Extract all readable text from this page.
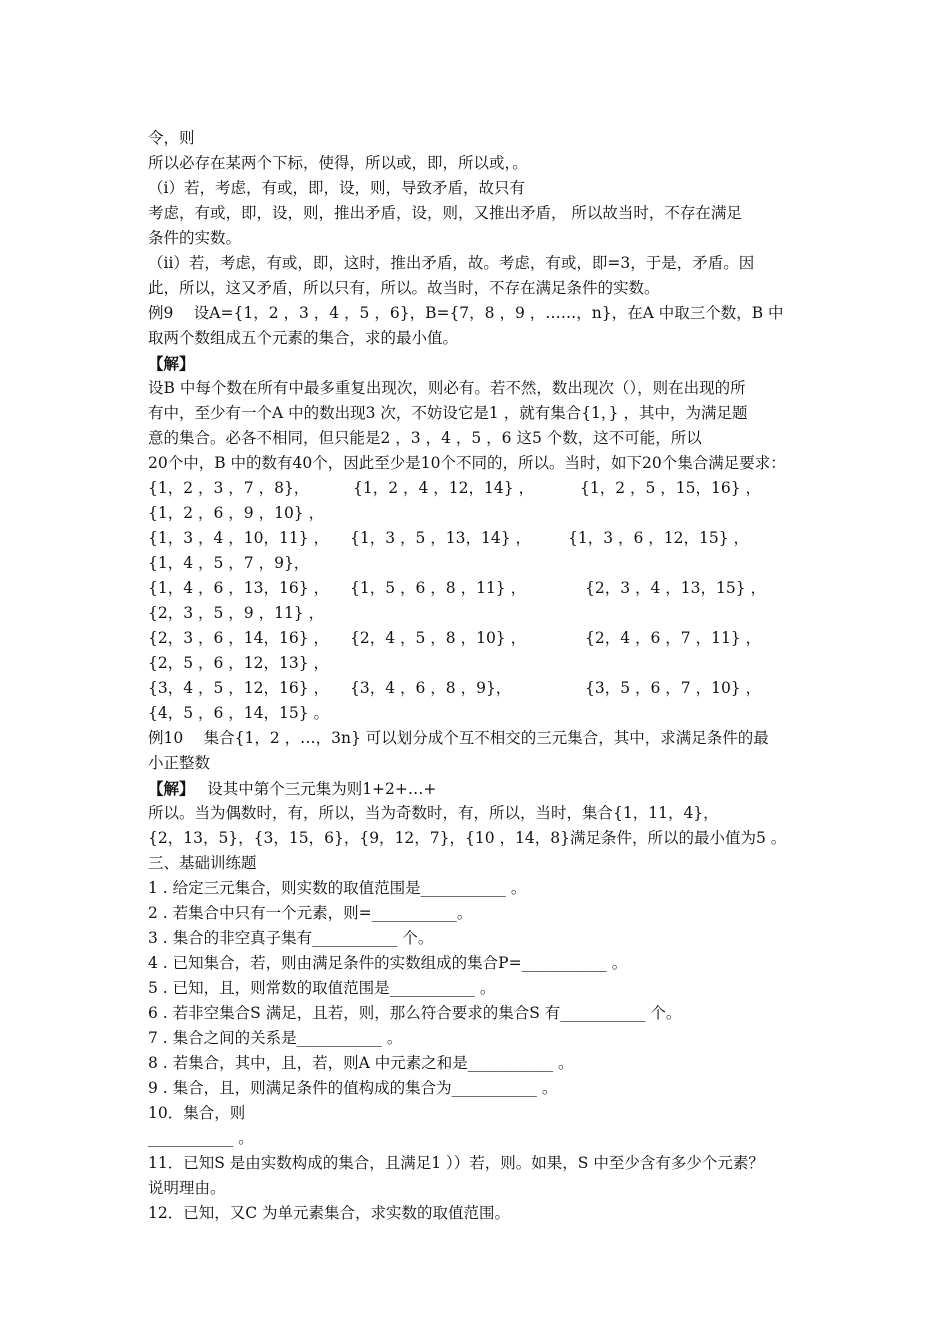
令，则
所以必存在某两个下标，使得，所以或，即，所以或，。
（ⅰ）若，考虑，有或，即，设，则，导致矛盾，故只有
考虑，有或，即，设，则，推出矛盾，设，则，又推出矛盾， 所以故当时，不存在满足
条件的实数。
（ⅱ）若，考虑，有或，即，这时，推出矛盾，故。考虑，有或，即=3，于是，矛盾。因
此，所以，这又矛盾，所以只有，所以。故当时，不存在满足条件的实数。
例9　 设A={1，2 ，3 ，4 ，5 ，6}，B={7，8 ，9 ，……，n}，在A 中取三个数，B 中
取两个数组成五个元素的集合，求的最小值。
【解】
设B 中每个数在所有中最多重复出现次，则必有。若不然，数出现次（），则在出现的所
有中，至少有一个A 中的数出现3 次，不妨设它是1 ，就有集合{1，} ，其中，为满足题
意的集合。必各不相同，但只能是2 ，3 ，4 ，5 ，6 这5 个数，这不可能，所以
20个中，B 中的数有40个，因此至少是10个不同的，所以。当时，如下20个集合满足要求：
{1，2 ，3 ，7 ，8}，	{1，2 ，4 ，12，14} ，	{1，2 ，5 ，15，16} ，
{1，2 ，6 ，9 ，10} ，
{1，3 ，4 ，10，11} ， {1，3 ，5 ，13，14} ， {1，3 ，6 ，12，15} ，
{1，4 ，5 ，7 ，9}，
{1，4 ，6 ，13，16} ， {1，5 ，6 ，8 ，11} ，	{2，3 ，4 ，13，15} ，
{2，3 ，5 ，9 ，11} ，
{2，3 ，6 ，14，16} ， {2，4 ，5 ，8 ，10} ，	{2，4 ，6 ，7 ，11} ，
{2，5 ，6 ，12，13} ，
{3，4 ，5 ，12，16} ， {3，4 ，6 ，8 ，9}，	{3，5 ，6 ，7 ，10} ，
{4，5 ，6 ，14，15} 。
例10　 集合{1，2 ，…，3n} 可以划分成个互不相交的三元集合，其中，求满足条件的最
小正整数
【解】　 设其中第个三元集为则1+2+…+
所以。当为偶数时，有，所以，当为奇数时，有，所以，当时，集合{1，11，4}，
{2，13，5}，{3，15，6}，{9，12，7}，{10 ，14，8}满足条件，所以的最小值为5 。
三、基础训练题
1 . 给定三元集合，则实数的取值范围是___________ 。
2 . 若集合中只有一个元素，则=___________。
3 . 集合的非空真子集有___________ 个。
4 . 已知集合，若，则由满足条件的实数组成的集合P=___________ 。
5 . 已知，且，则常数的取值范围是___________ 。
6 . 若非空集合S 满足，且若，则，那么符合要求的集合S 有___________ 个。
7 . 集合之间的关系是___________ 。
8 . 若集合，其中，且，若，则A 中元素之和是___________ 。
9 . 集合，且，则满足条件的值构成的集合为___________ 。
10．集合，则
___________ 。
11．已知S 是由实数构成的集合，且满足1 ））若，则。如果，S 中至少含有多少个元素？
说明理由。
12．已知，又C 为单元素集合，求实数的取值范围。
